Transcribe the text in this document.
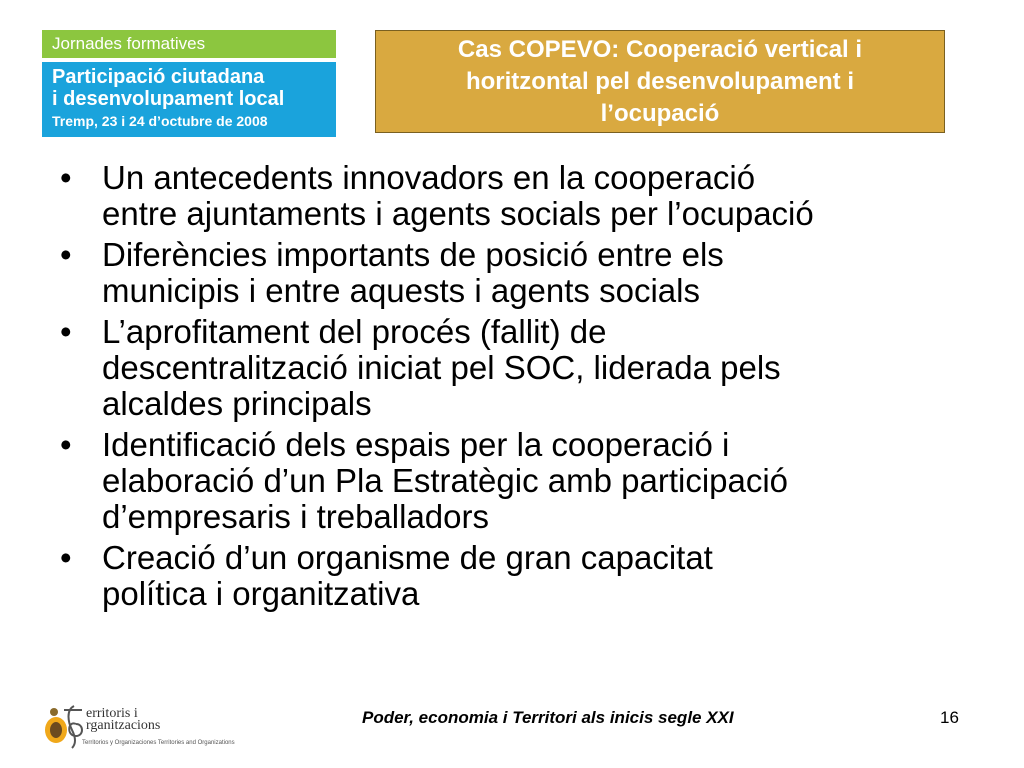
Jornades formatives
Participació ciutadana
i desenvolupament local
Tremp, 23 i 24 d’octubre de 2008
Cas COPEVO: Cooperació vertical i
horitzontal pel desenvolupament i
l’ocupació
• Un antecedents innovadors en la cooperació
entre ajuntaments i agents socials per l’ocupació
• Diferències importants de posició entre els
municipis i entre aquests i agents socials
• L’aprofitament del procés (fallit) de
descentralització iniciat pel SOC, liderada pels
alcaldes principals
• Identificació dels espais per la cooperació i
elaboració d’un Pla Estratègic amb participació
d’empresaris i treballadors
• Creació d’un organisme de gran capacitat
política i organitzativa
erritoris i
rganitzacions
Territorios y Organizaciones Territories and Organizations
Poder, economia i Territori als inicis segle XXI	16
